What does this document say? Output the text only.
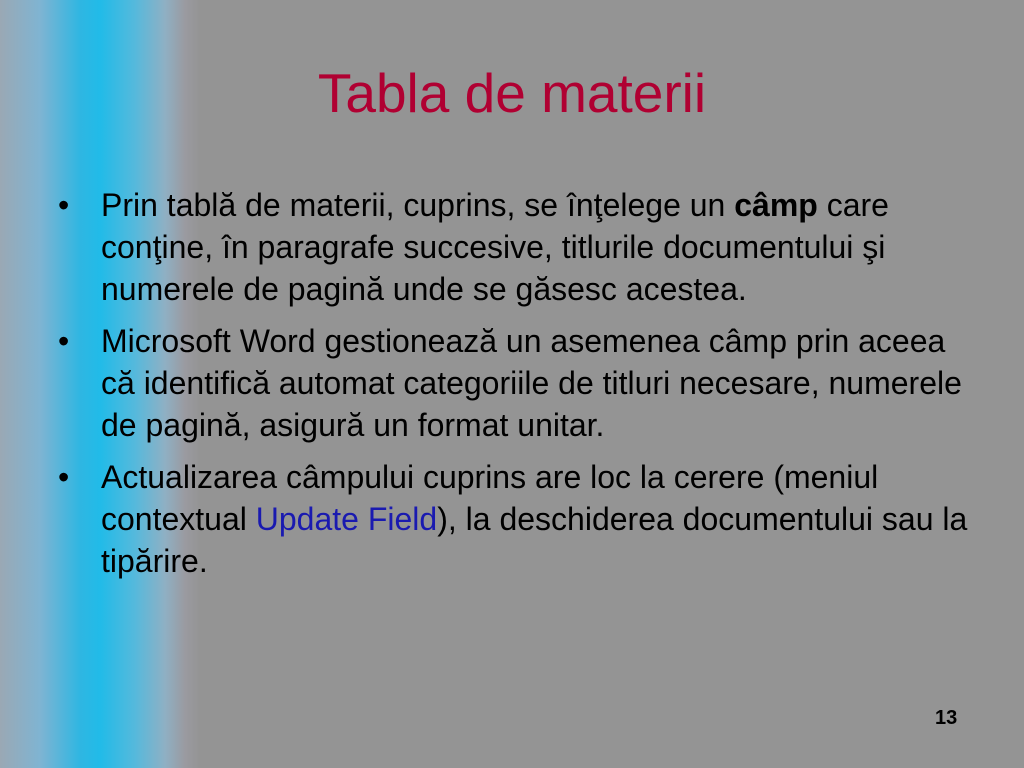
Tabla de materii
• Prin tablă de materii, cuprins, se înţelege un câmp care conţine, în paragrafe succesive, titlurile documentului şi numerele de pagină unde se găsesc acestea.
• Microsoft Word gestionează un asemenea câmp prin aceea că identifică automat categoriile de titluri necesare, numerele de pagină, asigură un format unitar.
• Actualizarea câmpului cuprins are loc la cerere (meniul contextual Update Field), la deschiderea documentului sau la tipărire.
13
